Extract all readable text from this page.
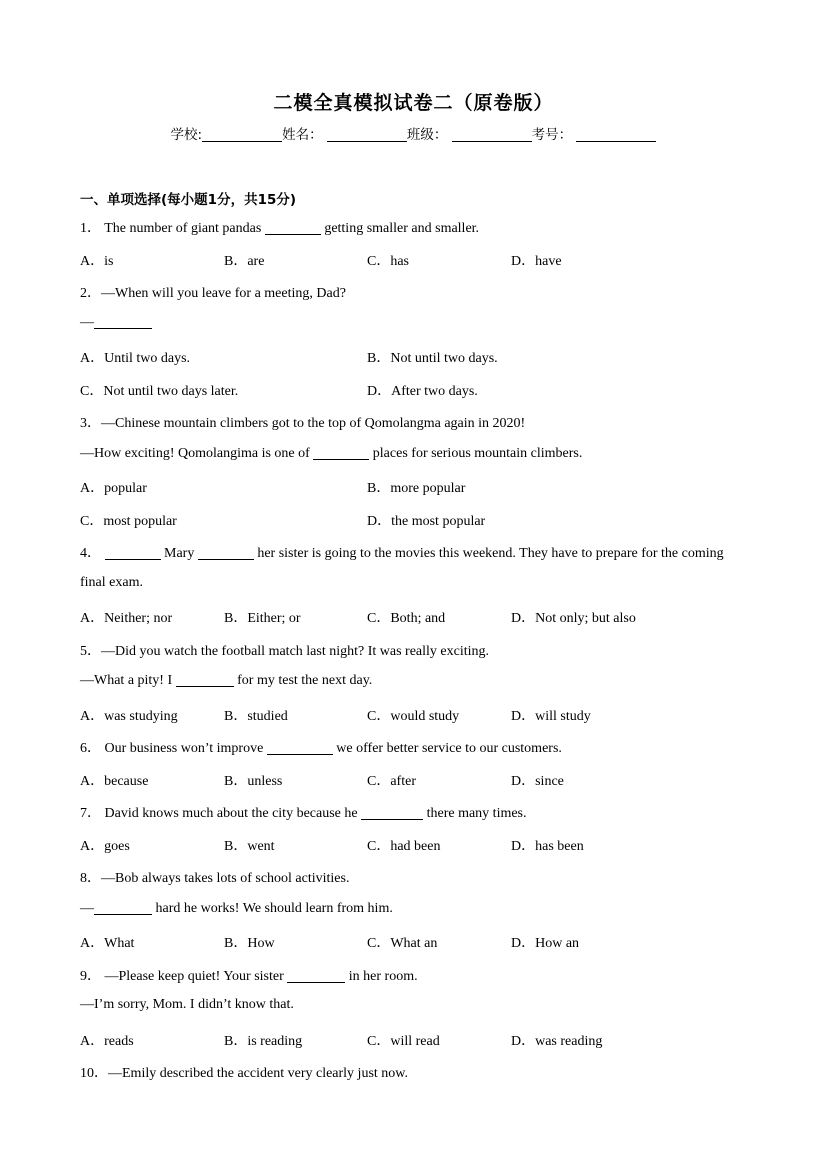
二模全真模拟试卷二（原卷版）
学校:	姓名：	班级：	考号：
一、单项选择(每小题1分，共15分)
1． The number of giant pandas	getting smaller and smaller.
A．is	B．are	C．has	D．have
2．—When will you leave for a meeting, Dad?
—
A．Until two days.	B．Not until two days.
C．Not until two days later.	D．After two days.
3．—Chinese mountain climbers got to the top of Qomolangma again in 2020!
—How exciting! Qomolangima is one of	places for serious mountain climbers.
A．popular	B．more popular
C．most popular	D．the most popular
4．	Mary	her sister is going to the movies this weekend. They have to prepare for the coming
final exam.
A．Neither; nor	B．Either; or	C．Both; and	D．Not only; but also
5．—Did you watch the football match last night? It was really exciting.
—What a pity! I	for my test the next day.
A．was studying	B．studied	C．would study	D．will study
6． Our business won’t improve	we offer better service to our customers.
A．because	B．unless	C．after	D．since
7． David knows much about the city because he	there many times.
A．goes	B．went	C．had been	D．has been
8．—Bob always takes lots of school activities.
—	hard he works! We should learn from him.
A．What	B．How	C．What an	D．How an
9． —Please keep quiet! Your sister	in her room.
—I’m sorry, Mom. I didn’t know that.
A．reads	B．is reading	C．will read	D．was reading
10．—Emily described the accident very clearly just now.
